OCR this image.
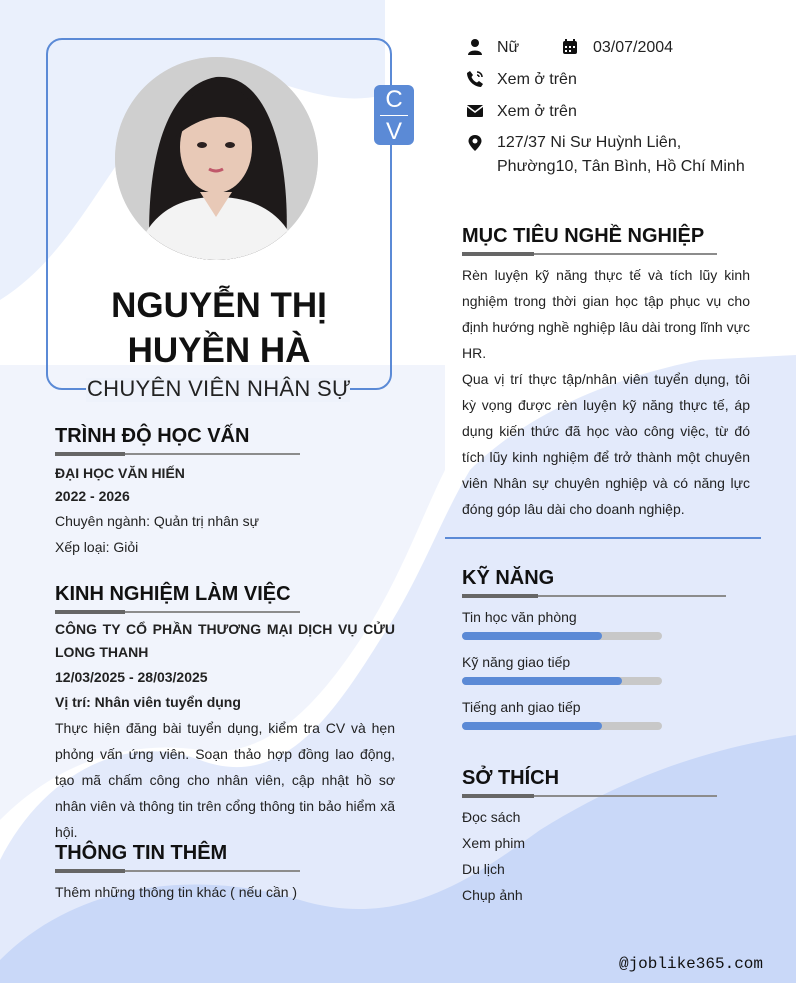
C
V
NGUYỄN THỊ HUYỀN HÀ
CHUYÊN VIÊN NHÂN SỰ
Nữ	03/07/2004
Xem ở trên
Xem ở trên
127/37 Ni Sư Huỳnh Liên,
Phường10, Tân Bình, Hồ Chí Minh
MỤC TIÊU NGHỀ NGHIỆP
Rèn luyện kỹ năng thực tế và tích lũy kinh nghiệm trong thời gian học tập phục vụ cho định hướng nghề nghiệp lâu dài trong lĩnh vực HR.
Qua vị trí thực tập/nhân viên tuyển dụng, tôi kỳ vọng được rèn luyện kỹ năng thực tế, áp dụng kiến thức đã học vào công việc, từ đó tích lũy kinh nghiệm để trở thành một chuyên viên Nhân sự chuyên nghiệp và có năng lực đóng góp lâu dài cho doanh nghiệp.
TRÌNH ĐỘ HỌC VẤN
ĐẠI HỌC VĂN HIẾN
2022 - 2026
Chuyên ngành: Quản trị nhân sự
Xếp loại: Giỏi
KINH NGHIỆM LÀM VIỆC
CÔNG TY CỔ PHẦN THƯƠNG MẠI DỊCH VỤ CỬU LONG THANH
12/03/2025 - 28/03/2025
Vị trí: Nhân viên tuyển dụng
Thực hiện đăng bài tuyển dụng, kiểm tra CV và hẹn phỏng vấn ứng viên. Soạn thảo hợp đồng lao động, tạo mã chấm công cho nhân viên, cập nhật hồ sơ nhân viên và thông tin trên cổng thông tin bảo hiểm xã hội.
THÔNG TIN THÊM
Thêm những thông tin khác ( nếu cần )
KỸ NĂNG
Tin học văn phòng
Kỹ năng giao tiếp
Tiếng anh giao tiếp
SỞ THÍCH
Đọc sách
Xem phim
Du lịch
Chụp ảnh
@joblike365.com
